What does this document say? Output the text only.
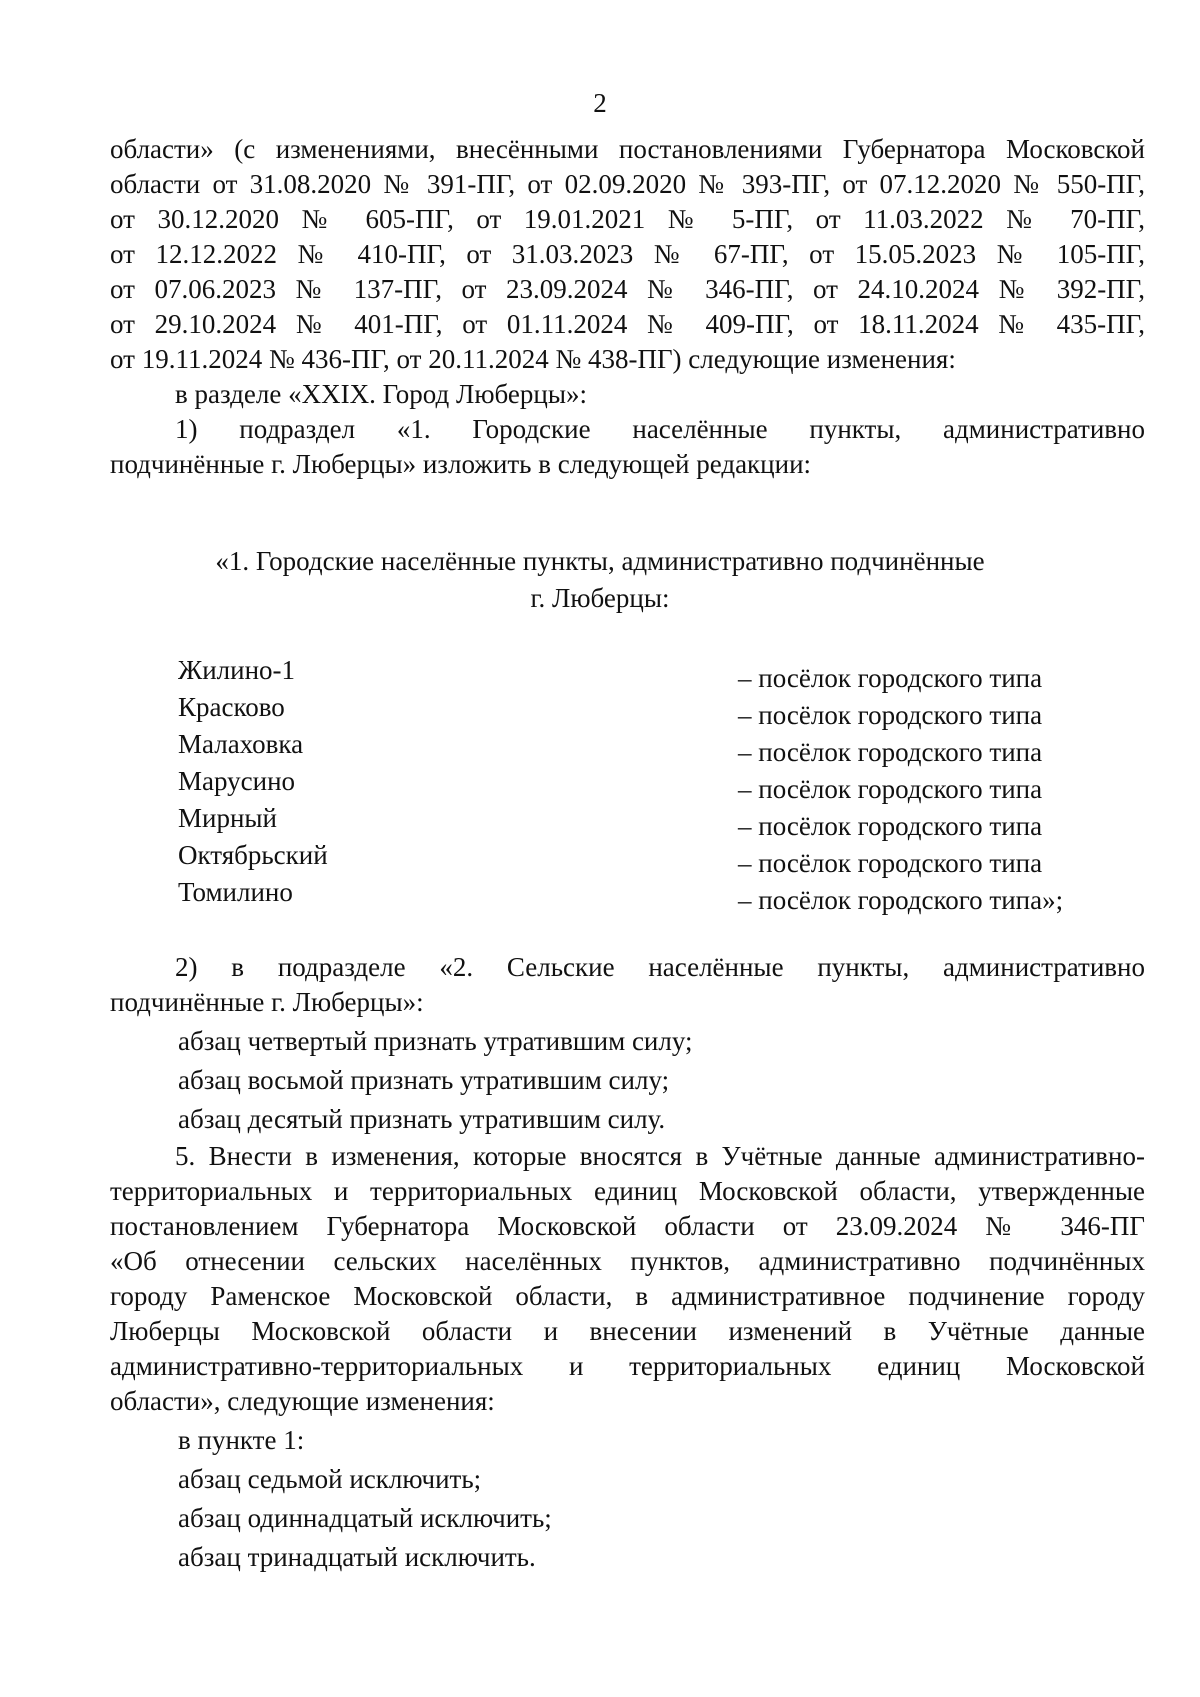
2
области» (с изменениями, внесёнными постановлениями Губернатора Московской
области от 31.08.2020 № 391-ПГ, от 02.09.2020 № 393-ПГ, от 07.12.2020 № 550-ПГ,
от 30.12.2020 № 605-ПГ, от 19.01.2021 № 5-ПГ, от 11.03.2022 № 70-ПГ,
от 12.12.2022 № 410-ПГ, от 31.03.2023 № 67-ПГ, от 15.05.2023 № 105-ПГ,
от 07.06.2023 № 137-ПГ, от 23.09.2024 № 346-ПГ, от 24.10.2024 № 392-ПГ,
от 29.10.2024 № 401-ПГ, от 01.11.2024 № 409-ПГ, от 18.11.2024 № 435-ПГ,
от 19.11.2024 № 436-ПГ, от 20.11.2024 № 438-ПГ) следующие изменения:
в разделе «XXIX. Город Люберцы»:
1) подраздел «1. Городские населённые пункты, административно
подчинённые г. Люберцы» изложить в следующей редакции:
«1. Городские населённые пункты, административно подчинённые
г. Люберцы:
Жилино-1	– посёлок городского типа
Красково	– посёлок городского типа
Малаховка	– посёлок городского типа
Марусино	– посёлок городского типа
Мирный	– посёлок городского типа
Октябрьский	– посёлок городского типа
Томилино	– посёлок городского типа»;
2) в подразделе «2. Сельские населённые пункты, административно
подчинённые г. Люберцы»:
абзац четвертый признать утратившим силу;
абзац восьмой признать утратившим силу;
абзац десятый признать утратившим силу.
5. Внести в изменения, которые вносятся в Учётные данные административно-
территориальных и территориальных единиц Московской области, утвержденные
постановлением Губернатора Московской области от 23.09.2024 № 346-ПГ
«Об отнесении сельских населённых пунктов, административно подчинённых
городу Раменское Московской области, в административное подчинение городу
Люберцы Московской области и внесении изменений в Учётные данные
административно-территориальных и территориальных единиц Московской
области», следующие изменения:
в пункте 1:
абзац седьмой исключить;
абзац одиннадцатый исключить;
абзац тринадцатый исключить.
